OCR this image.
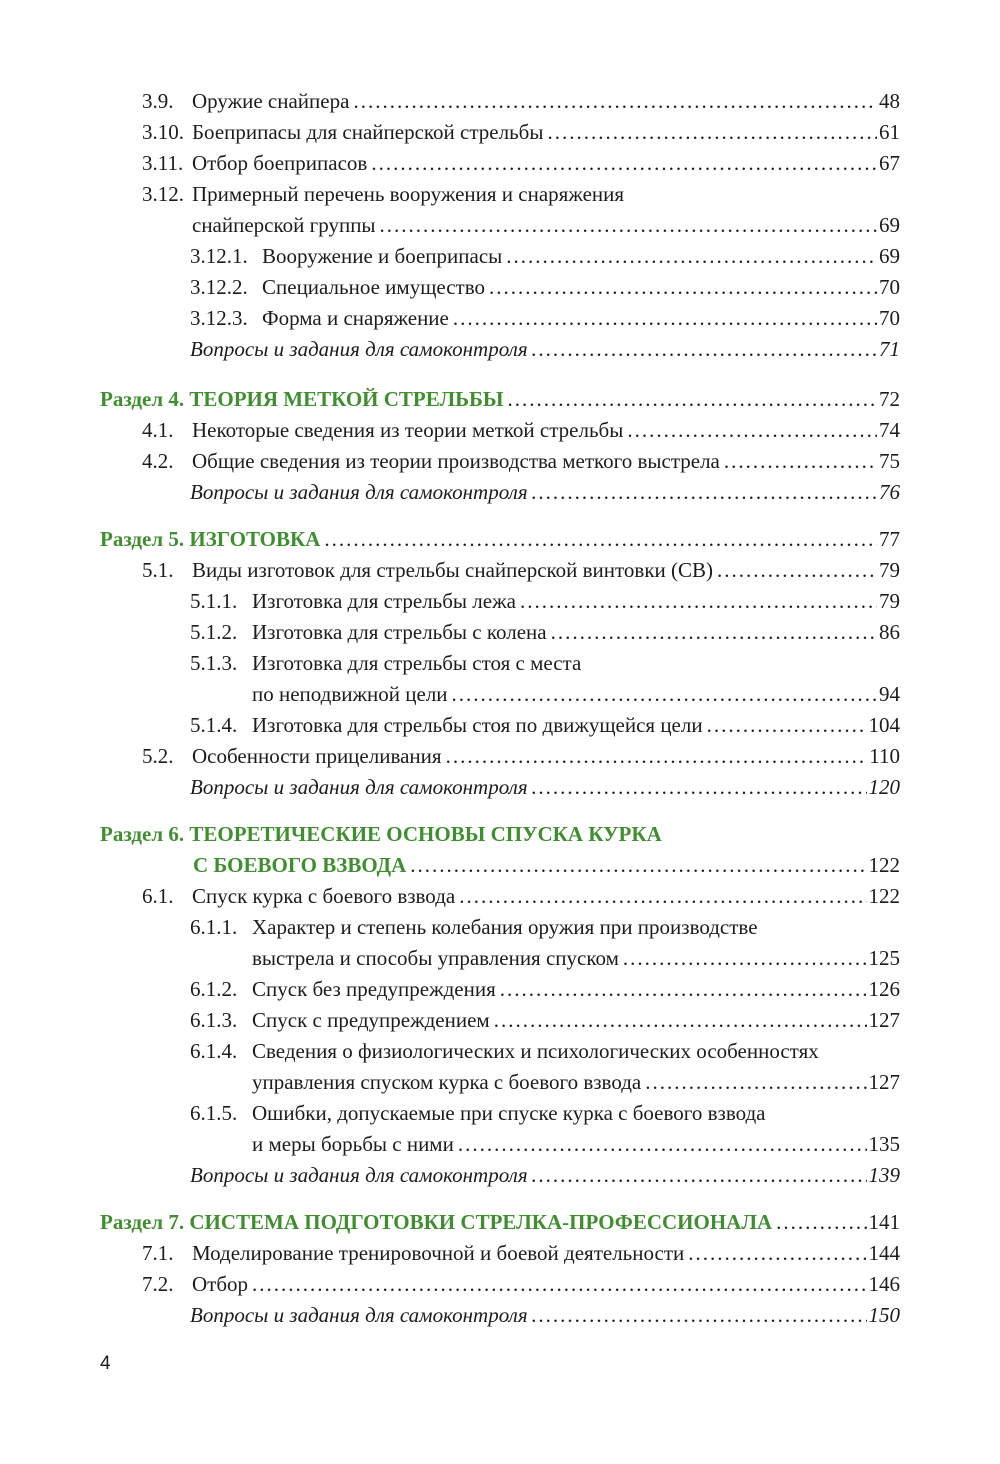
3.9. Оружие снайпера .....	48
3.10. Боеприпасы для снайперской стрельбы .....	61
3.11. Отбор боеприпасов .....	67
3.12. Примерный перечень вооружения и снаряжения
снайперской группы .....	69
3.12.1. Вооружение и боеприпасы .....	69
3.12.2. Специальное имущество .....	70
3.12.3. Форма и снаряжение .....	70
Вопросы и задания для самоконтроля .....	71
Раздел 4. ТЕОРИЯ МЕТКОЙ СТРЕЛЬБЫ .....	72
4.1. Некоторые сведения из теории меткой стрельбы .....	74
4.2. Общие сведения из теории производства меткого выстрела .....	75
Вопросы и задания для самоконтроля .....	76
Раздел 5. ИЗГОТОВКА .....	77
5.1. Виды изготовок для стрельбы снайперской винтовки (СВ) .....	79
5.1.1. Изготовка для стрельбы лежа .....	79
5.1.2. Изготовка для стрельбы с колена .....	86
5.1.3. Изготовка для стрельбы стоя с места
по неподвижной цели .....	94
5.1.4. Изготовка для стрельбы стоя по движущейся цели .....	104
5.2. Особенности прицеливания .....	110
Вопросы и задания для самоконтроля .....	120
Раздел 6. ТЕОРЕТИЧЕСКИЕ ОСНОВЫ СПУСКА КУРКА
С БОЕВОГО ВЗВОДА .....	122
6.1. Спуск курка с боевого взвода .....	122
6.1.1. Характер и степень колебания оружия при производстве
выстрела и способы управления спуском .....	125
6.1.2. Спуск без предупреждения .....	126
6.1.3. Спуск с предупреждением .....	127
6.1.4. Сведения о физиологических и психологических особенностях
управления спуском курка с боевого взвода .....	127
6.1.5. Ошибки, допускаемые при спуске курка с боевого взвода
и меры борьбы с ними .....	135
Вопросы и задания для самоконтроля .....	139
Раздел 7. СИСТЕМА ПОДГОТОВКИ СТРЕЛКА-ПРОФЕССИОНАЛА .....	141
7.1. Моделирование тренировочной и боевой деятельности .....	144
7.2. Отбор .....	146
Вопросы и задания для самоконтроля .....	150
4
